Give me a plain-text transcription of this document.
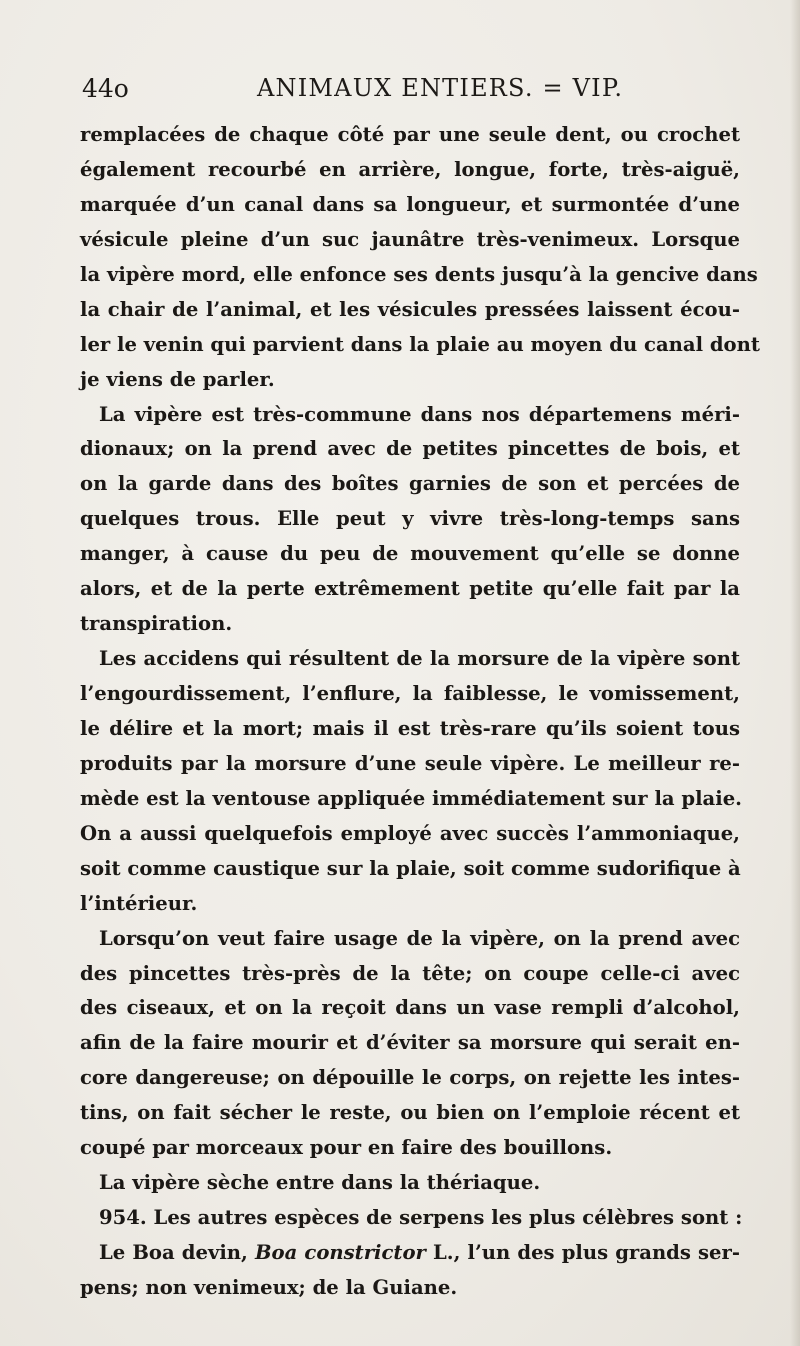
44o	ANIMAUX ENTIERS. = VIP.
remplacées de chaque côté par une seule dent, ou crochet
également recourbé en arrière, longue, forte, très-aiguë,
marquée d’un canal dans sa longueur, et surmontée d’une
vésicule pleine d’un suc jaunâtre très-venimeux. Lorsque
la vipère mord, elle enfonce ses dents jusqu’à la gencive dans
la chair de l’animal, et les vésicules pressées laissent écou-
ler le venin qui parvient dans la plaie au moyen du canal dont
je viens de parler.
La vipère est très-commune dans nos départemens méri-
dionaux; on la prend avec de petites pincettes de bois, et
on la garde dans des boîtes garnies de son et percées de
quelques trous. Elle peut y vivre très-long-temps sans
manger, à cause du peu de mouvement qu’elle se donne
alors, et de la perte extrêmement petite qu’elle fait par la
transpiration.
Les accidens qui résultent de la morsure de la vipère sont
l’engourdissement, l’enflure, la faiblesse, le vomissement,
le délire et la mort; mais il est très-rare qu’ils soient tous
produits par la morsure d’une seule vipère. Le meilleur re-
mède est la ventouse appliquée immédiatement sur la plaie.
On a aussi quelquefois employé avec succès l’ammoniaque,
soit comme caustique sur la plaie, soit comme sudorifique à
l’intérieur.
Lorsqu’on veut faire usage de la vipère, on la prend avec
des pincettes très-près de la tête; on coupe celle-ci avec
des ciseaux, et on la reçoit dans un vase rempli d’alcohol,
afin de la faire mourir et d’éviter sa morsure qui serait en-
core dangereuse; on dépouille le corps, on rejette les intes-
tins, on fait sécher le reste, ou bien on l’emploie récent et
coupé par morceaux pour en faire des bouillons.
La vipère sèche entre dans la thériaque.
954. Les autres espèces de serpens les plus célèbres sont :
Le Boa devin, Boa constrictor L., l’un des plus grands ser-
pens; non venimeux; de la Guiane.
